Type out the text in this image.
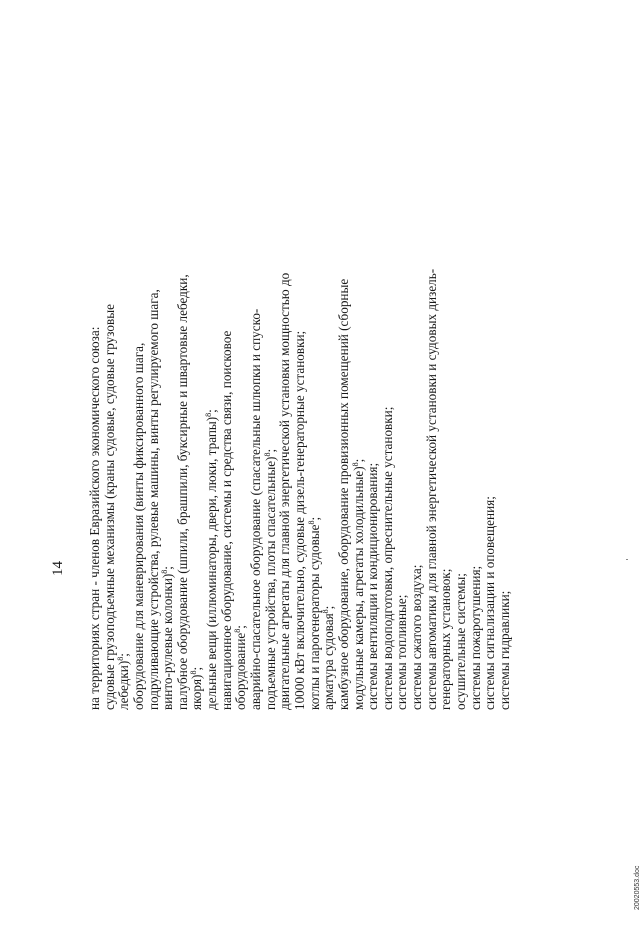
14 на территориях стран - членов Евразийского экономического союза: судовые грузоподъемные механизмы (краны судовые, судовые грузовые лебедки)$^8$; оборудование для маневрирования (винты фиксированного шага, подруливающие устройства, рулевые машины, винты регулируемого шага, винто-рулевые колонки)$^8$; палубное оборудование (шпили, брашпили, буксирные и швартовые лебедки, якоря)$^8$; дельные вещи (иллюминаторы, двери, люки, трапы)$^8$; навигационное оборудование, системы и средства связи, поисковое оборудование$^8$; аварийно-спасательное оборудование (спасательные шлюпки и спуско- подъемные устройства, плоты спасательные)$^8$; двигательные агрегаты для главной энергетической установки мощностью до 10000 кВт включительно, судовые дизель-генераторные установки; котлы и парогенераторы судовые$^8$;
арматура судовая$^8$; камбузное оборудование, оборудование провизионных помещений (сборные модульные камеры, агрегаты холодильные)$^8$;
системы вентиляции и кондиционирования; системы водоподготовки, опреснительные установки; системы топливные; системы сжатого воздуха; системы автоматики для главной энергетической установки и судовых дизель- генераторных установок; осушительные системы; системы пожаротушения; системы сигнализации и оповещения; системы гидравлики;
20020553.doc
